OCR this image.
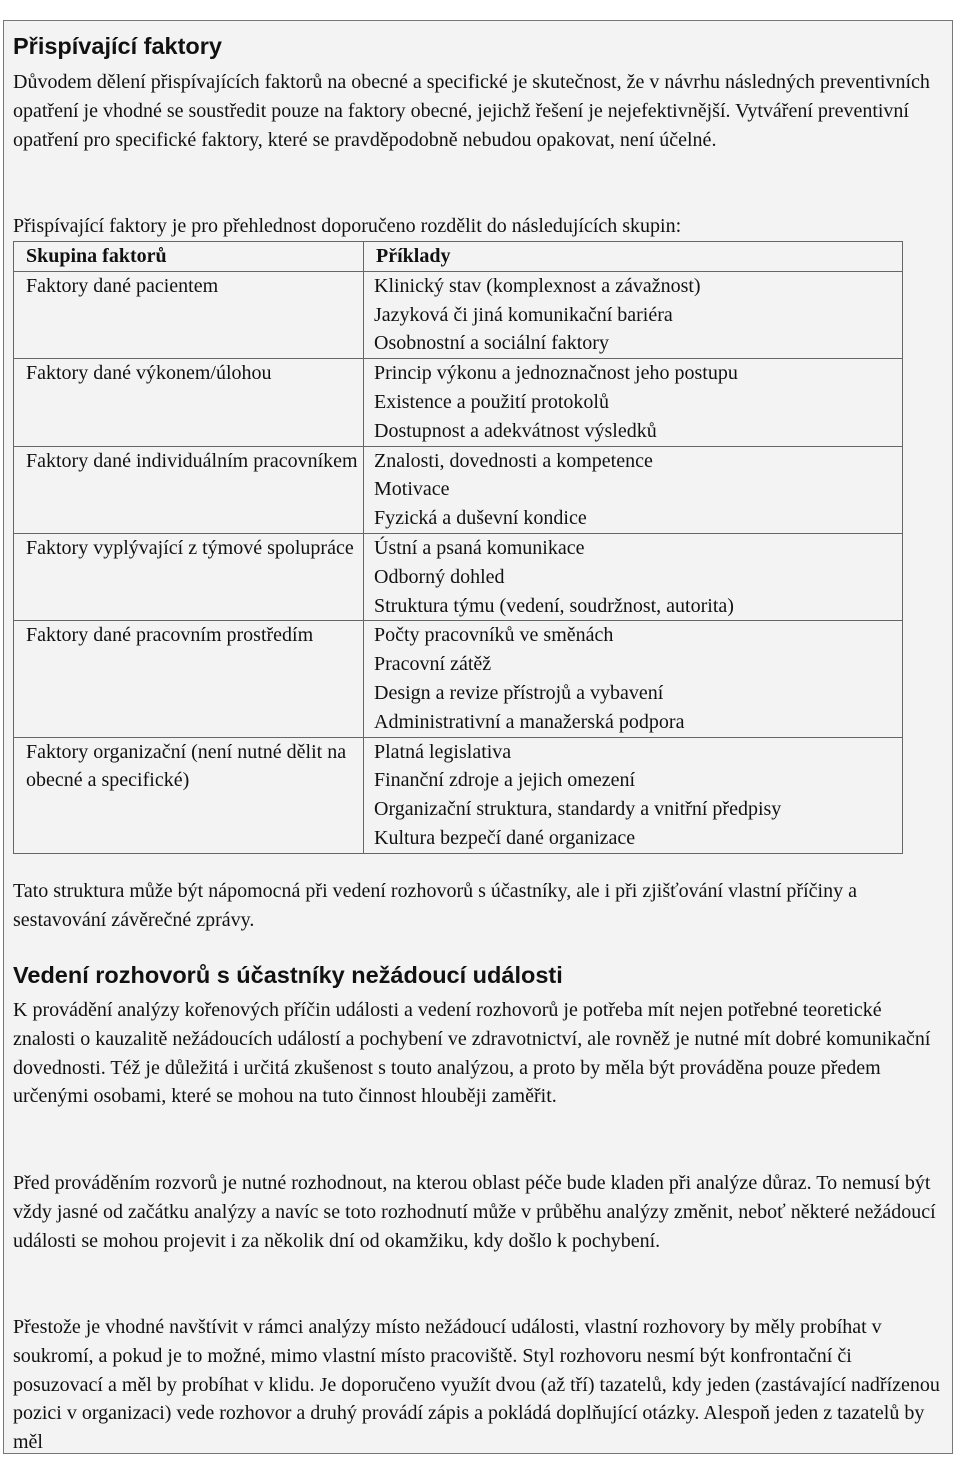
Přispívající faktory

Důvodem dělení přispívajících faktorů na obecné a specifické je skutečnost, že v návrhu následných preventivních opatření je vhodné se soustředit pouze na faktory obecné, jejichž řešení je nejefektivnější. Vytváření preventivní opatření pro specifické faktory, které se pravděpodobně nebudou opakovat, není účelné.

Přispívající faktory je pro přehlednost doporučeno rozdělit do následujících skupin:

Skupina faktorů	Příklady
Faktory dané pacientem	Klinický stav (komplexnost a závažnost)
Jazyková či jiná komunikační bariéra
Osobnostní a sociální faktory

Faktory dané výkonem/úlohou	Princip výkonu a jednoznačnost jeho postupu
Existence a použití protokolů
Dostupnost a adekvátnost výsledků

Faktory dané individuálním pracovníkem	Znalosti, dovednosti a kompetence
Motivace
Fyzická a duševní kondice

Faktory vyplývající z týmové spolupráce	Ústní a psaná komunikace
Odborný dohled
Struktura týmu (vedení, soudržnost, autorita)

Faktory dané pracovním prostředím	Počty pracovníků ve směnách
Pracovní zátěž
Design a revize přístrojů a vybavení
Administrativní a manažerská podpora

Faktory organizační (není nutné dělit na obecné a specifické)	Platná legislativa
Finanční zdroje a jejich omezení
Organizační struktura, standardy a vnitřní předpisy
Kultura bezpečí dané organizace

Tato struktura může být nápomocná při vedení rozhovorů s účastníky, ale i při zjišťování vlastní příčiny a sestavování závěrečné zprávy.

Vedení rozhovorů s účastníky nežádoucí události

K provádění analýzy kořenových příčin události a vedení rozhovorů je potřeba mít nejen potřebné teoretické znalosti o kauzalitě nežádoucích událostí a pochybení ve zdravotnictví, ale rovněž je nutné mít dobré komunikační dovednosti. Též je důležitá i určitá zkušenost s touto analýzou, a proto by měla být prováděna pouze předem určenými osobami, které se mohou na tuto činnost hlouběji zaměřit.

Před prováděním rozvorů je nutné rozhodnout, na kterou oblast péče bude kladen při analýze důraz. To nemusí být vždy jasné od začátku analýzy a navíc se toto rozhodnutí může v průběhu analýzy změnit, neboť některé nežádoucí události se mohou projevit i za několik dní od okamžiku, kdy došlo k pochybení.

Přestože je vhodné navštívit v rámci analýzy místo nežádoucí události, vlastní rozhovory by měly probíhat v soukromí, a pokud je to možné, mimo vlastní místo pracoviště. Styl rozhovoru nesmí být konfrontační či posuzovací a měl by probíhat v klidu. Je doporučeno využít dvou (až tří) tazatelů, kdy jeden (zastávající nadřízenou pozici v organizaci) vede rozhovor a druhý provádí zápis a pokládá doplňující otázky. Alespoň jeden z tazatelů by měl
